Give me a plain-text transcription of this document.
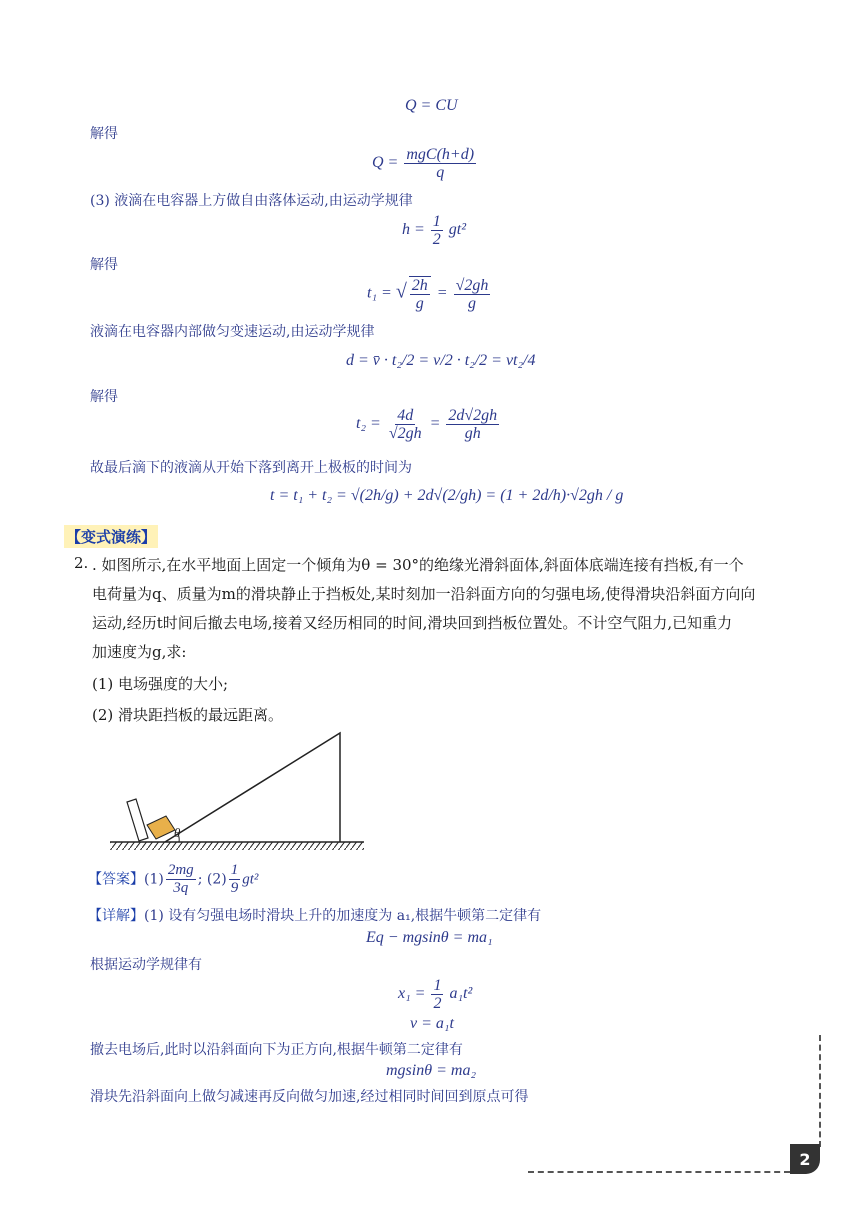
Q = CU
解得
$Q = \frac{\text{mgC(h+d)}}{q}$
(3) 液滴在电容器上方做自由落体运动,由运动学规律
$h = \frac{1}{2} gt^2$
解得
t₁ = √ $\frac{2h}{g} = \frac{√2gh}{g}$
液滴在电容器内部做匀变速运动,由运动学规律
d = v̄ · t₂/2 = v/2 · t₂/2 = vt₂/4
解得
$t_2 = \frac{4d}{√2gh} = \frac{2d√2gh}{gh}$
故最后滴下的液滴从开始下落到离开上极板的时间为
t = t₁ + t₂ = √(2h/g) + 2d√(2/gh) = (1 + 2d/h)·√2gh / g
【变式演练】
2. . 如图所示,在水平地面上固定一个倾角为θ = 30°的绝缘光滑斜面体,斜面体底端连接有挡板,有一个
电荷量为q、质量为m的滑块静止于挡板处,某时刻加一沿斜面方向的匀强电场,使得滑块沿斜面方向向
运动,经历t时间后撤去电场,接着又经历相同的时间,滑块回到挡板位置处。不计空气阻力,已知重力
加速度为g,求:
(1) 电场强度的大小;
(2) 滑块距挡板的最远距离。
θ
【答案】$(1) \frac{2mg}{3q}$ ; $(2) \frac{1}{9} gt^2$
【详解】(1) 设有匀强电场时滑块上升的加速度为 a₁,根据牛顿第二定律有
Eq − mgsinθ = ma₁
根据运动学规律有
$x_1 = \frac{1}{2} a_1t^2$
v = a₁t
撤去电场后,此时以沿斜面向下为正方向,根据牛顿第二定律有
mgsinθ = ma₂
滑块先沿斜面向上做匀减速再反向做匀加速,经过相同时间回到原点可得
2
